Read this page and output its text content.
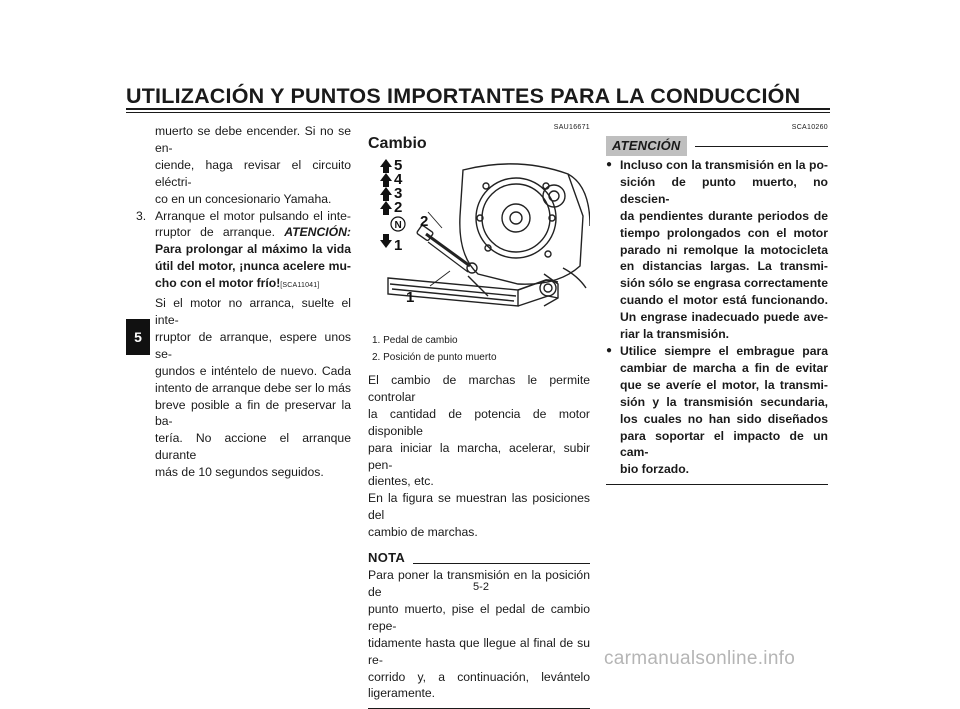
UTILIZACIÓN Y PUNTOS IMPORTANTES PARA LA CONDUCCIÓN
5
muerto se debe encender. Si no se en-
ciende, haga revisar el circuito eléctri-
co en un concesionario Yamaha.
3. Arranque el motor pulsando el inte-
rruptor de arranque. ATENCIÓN:
Para prolongar al máximo la vida
útil del motor, ¡nunca acelere mu-
cho con el motor frío![SCA11041]
Si el motor no arranca, suelte el inte-
rruptor de arranque, espere unos se-
gundos e inténtelo de nuevo. Cada
intento de arranque debe ser lo más
breve posible a fin de preservar la ba-
tería. No accione el arranque durante
más de 10 segundos seguidos.
SAU16671
Cambio
5
4
3
2
N
1
2
1
1. Pedal de cambio
2. Posición de punto muerto
El cambio de marchas le permite controlar
la cantidad de potencia de motor disponible
para iniciar la marcha, acelerar, subir pen-
dientes, etc.
En la figura se muestran las posiciones del
cambio de marchas.
NOTA
Para poner la transmisión en la posición de
punto muerto, pise el pedal de cambio repe-
tidamente hasta que llegue al final de su re-
corrido y, a continuación, levántelo
ligeramente.
SCA10260
ATENCIÓN
● Incluso con la transmisión en la po-
sición de punto muerto, no descien-
da pendientes durante periodos de
tiempo prolongados con el motor
parado ni remolque la motocicleta
en distancias largas. La transmi-
sión sólo se engrasa correctamente
cuando el motor está funcionando.
Un engrase inadecuado puede ave-
riar la transmisión.
● Utilice siempre el embrague para
cambiar de marcha a fin de evitar
que se averíe el motor, la transmi-
sión y la transmisión secundaria,
los cuales no han sido diseñados
para soportar el impacto de un cam-
bio forzado.
5-2
carmanualsonline.info
